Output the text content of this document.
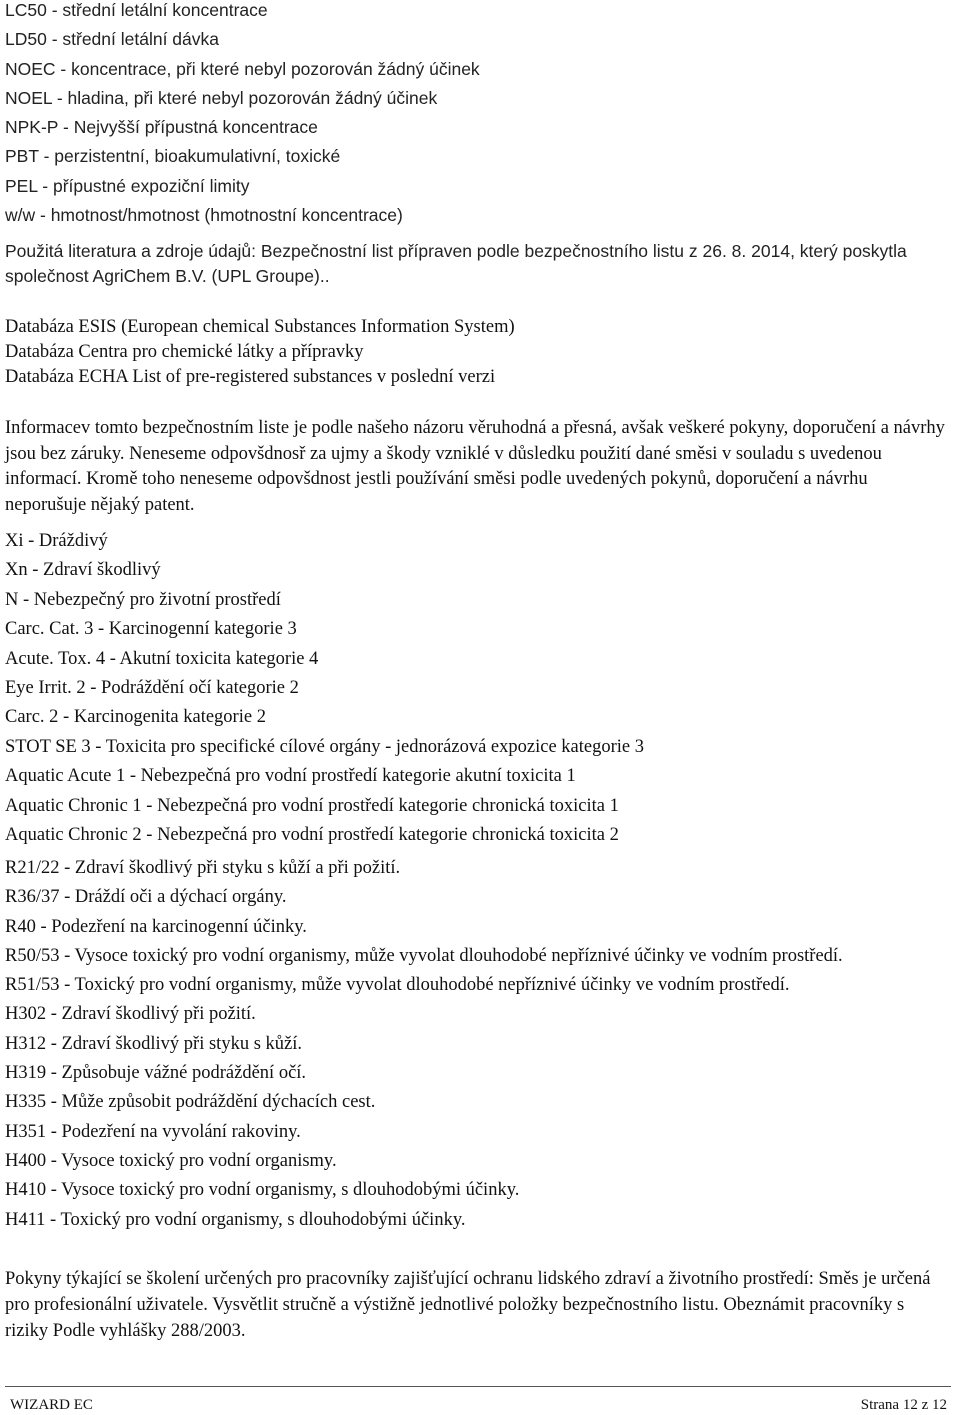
LC50 - střední letální koncentrace
LD50 - střední letální dávka
NOEC - koncentrace, při které nebyl pozorován žádný účinek
NOEL - hladina, při které nebyl pozorován žádný účinek
NPK-P - Nejvyšší přípustná koncentrace
PBT - perzistentní, bioakumulativní, toxické
PEL - přípustné expoziční limity
w/w - hmotnost/hmotnost (hmotnostní koncentrace)

Použitá literatura a zdroje údajů: Bezpečnostní list přípraven podle bezpečnostního listu z 26. 8. 2014, který poskytla společnost AgriChem B.V. (UPL Groupe)..

Databáza ESIS (European chemical Substances Information System)
Databáza Centra pro chemické látky a přípravky
Databáza ECHA List of pre-registered substances v poslední verzi

Informacev tomto bezpečnostním liste je podle našeho názoru věruhodná a přesná, avšak veškeré pokyny, doporučení a návrhy jsou bez záruky. Neneseme odpovšdnosř za ujmy a škody vzniklé v důsledku použití dané směsi v souladu s uvedenou informací. Kromě toho neneseme odpovšdnost jestli používání směsi podle uvedených pokynů, doporučení a návrhu neporušuje nějaký patent.

Xi - Dráždivý
Xn - Zdraví škodlivý
N - Nebezpečný pro životní prostředí
Carc. Cat. 3 - Karcinogenní kategorie 3
Acute. Tox. 4 - Akutní toxicita kategorie 4
Eye Irrit. 2 - Podráždění očí kategorie 2
Carc. 2 - Karcinogenita kategorie 2
STOT SE 3 - Toxicita pro specifické cílové orgány - jednorázová expozice kategorie 3
Aquatic Acute 1 - Nebezpečná pro vodní prostředí kategorie akutní toxicita 1
Aquatic Chronic 1 - Nebezpečná pro vodní prostředí kategorie chronická toxicita 1
Aquatic Chronic 2 - Nebezpečná pro vodní prostředí kategorie chronická toxicita 2
R21/22 - Zdraví škodlivý při styku s kůží a při požití.
R36/37 - Dráždí oči a dýchací orgány.
R40 - Podezření na karcinogenní účinky.
R50/53 - Vysoce toxický pro vodní organismy, může vyvolat dlouhodobé nepříznivé účinky ve vodním prostředí.
R51/53 - Toxický pro vodní organismy, může vyvolat dlouhodobé nepříznivé účinky ve vodním prostředí.
H302 - Zdraví škodlivý při požití.
H312 - Zdraví škodlivý při styku s kůží.
H319 - Způsobuje vážné podráždění očí.
H335 - Může způsobit podráždění dýchacích cest.
H351 - Podezření na vyvolání rakoviny.
H400 - Vysoce toxický pro vodní organismy.
H410 - Vysoce toxický pro vodní organismy, s dlouhodobými účinky.
H411 - Toxický pro vodní organismy, s dlouhodobými účinky.

Pokyny týkající se školení určených pro pracovníky zajišťující ochranu lidského zdraví a životního prostředí: Směs je určená pro profesionální uživatele. Vysvětlit stručně a výstižně jednotlivé položky bezpečnostního listu. Obeznámit pracovníky s riziky Podle vyhlášky 288/2003.

WIZARD EC	Strana 12 z 12
